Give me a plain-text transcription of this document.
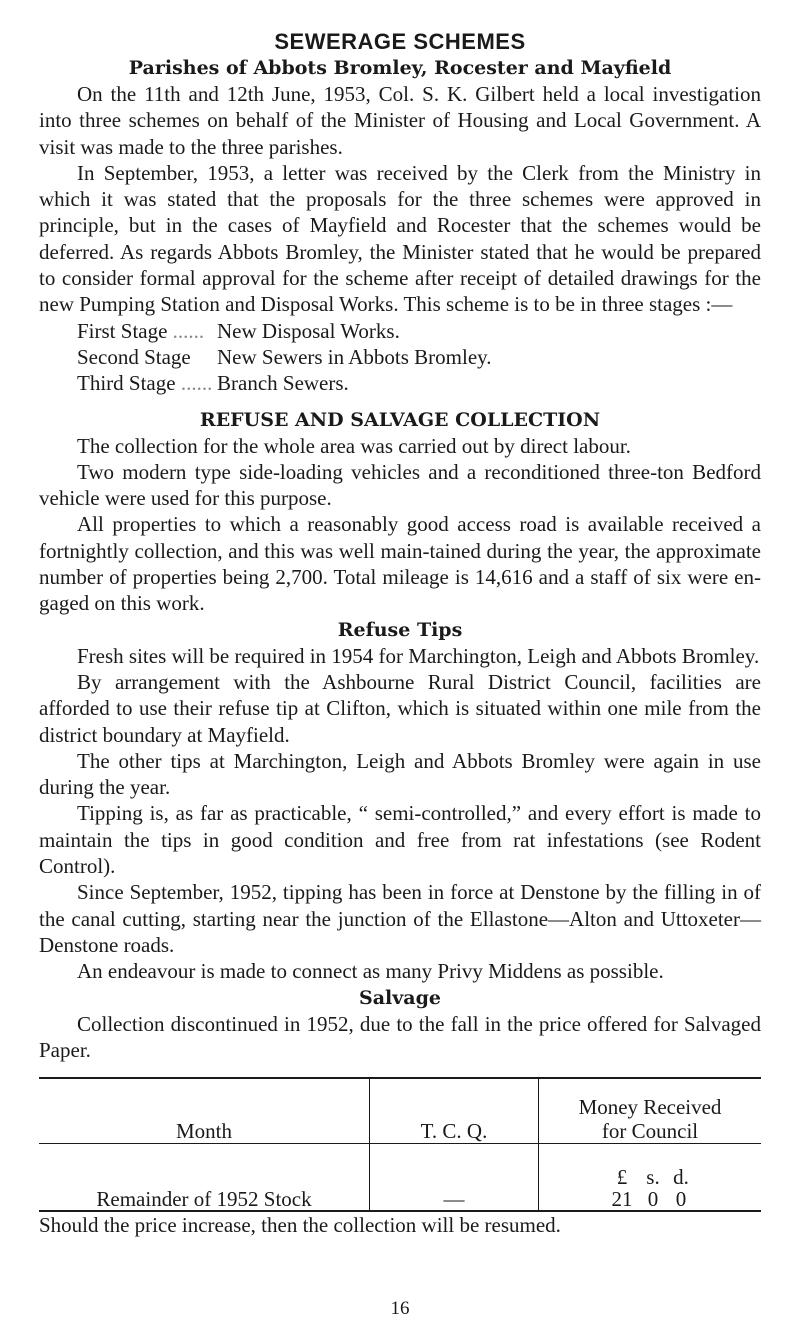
SEWERAGE SCHEMES
Parishes of Abbots Bromley, Rocester and Mayfield

On the 11th and 12th June, 1953, Col. S. K. Gilbert held a local investigation into three schemes on behalf of the Minister of Housing and Local Government. A visit was made to the three parishes.

In September, 1953, a letter was received by the Clerk from the Ministry in which it was stated that the proposals for the three schemes were approved in principle, but in the cases of Mayfield and Rocester that the schemes would be deferred. As regards Abbots Bromley, the Minister stated that he would be prepared to consider formal approval for the scheme after receipt of detailed drawings for the new Pumping Station and Disposal Works. This scheme is to be in three stages :—

First Stage ...... New Disposal Works.
Second Stage	New Sewers in Abbots Bromley.
Third Stage ...... Branch Sewers.
REFUSE AND SALVAGE COLLECTION

The collection for the whole area was carried out by direct labour.

Two modern type side-loading vehicles and a reconditioned three-ton Bedford vehicle were used for this purpose.

All properties to which a reasonably good access road is available received a fortnightly collection, and this was well main-tained during the year, the approximate number of properties being 2,700. Total mileage is 14,616 and a staff of six were en-gaged on this work.

Refuse Tips

Fresh sites will be required in 1954 for Marchington, Leigh and Abbots Bromley.

By arrangement with the Ashbourne Rural District Council, facilities are afforded to use their refuse tip at Clifton, which is situated within one mile from the district boundary at Mayfield.

The other tips at Marchington, Leigh and Abbots Bromley were again in use during the year.

Tipping is, as far as practicable, “ semi-controlled,” and every effort is made to maintain the tips in good condition and free from rat infestations (see Rodent Control).

Since September, 1952, tipping has been in force at Denstone by the filling in of the canal cutting, starting near the junction of the Ellastone—Alton and Uttoxeter—Denstone roads.

An endeavour is made to connect as many Privy Middens as possible.

Salvage

Collection discontinued in 1952, due to the fall in the price offered for Salvaged Paper.

Month	T. C. Q.	Money Received
for Council

Remainder of 1952 Stock	—	£ s. d.
21 0 0

Should the price increase, then the collection will be resumed.

16
